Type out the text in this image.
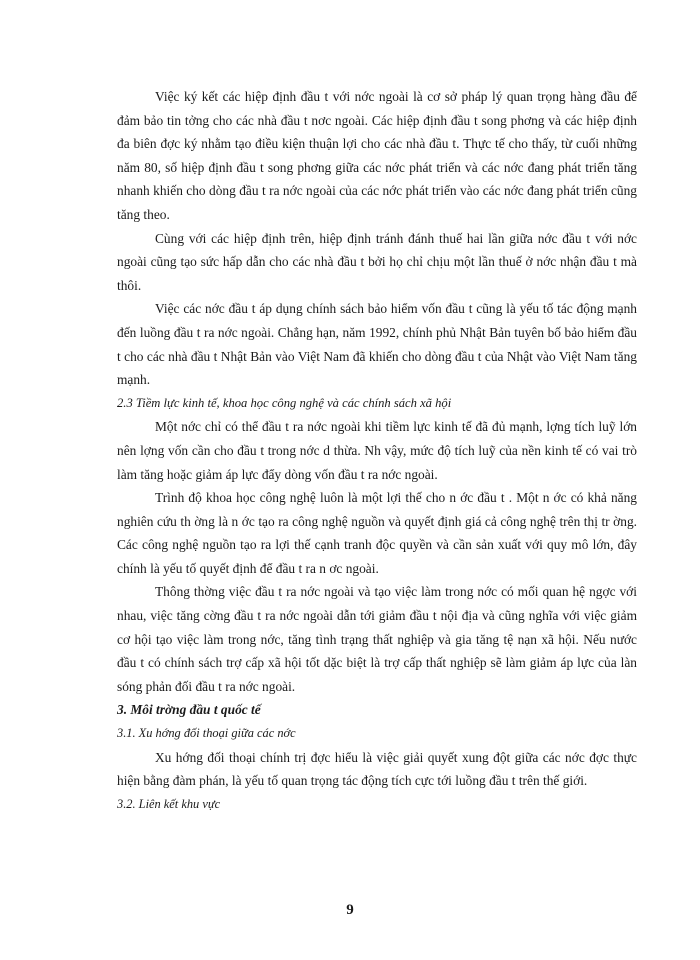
Việc ký kết các hiệp định đầu t với nớc ngoài là cơ sở pháp lý quan trọng hàng đầu để đảm bảo tin tởng cho các nhà đầu t nơc ngoài. Các hiệp định đầu t song phơng và các hiệp định đa biên đợc ký nhằm tạo điều kiện thuận lợi cho các nhà đầu t. Thực tế cho thấy, từ cuối những năm 80, số hiệp định đầu t song phơng giữa các nớc phát triển và các nớc đang phát triển tăng nhanh khiến cho dòng đầu t ra nớc ngoài của các nớc phát triển vào các nớc đang phát triển cũng tăng theo.

Cùng với các hiệp định trên, hiệp định tránh đánh thuế hai lần giữa nớc đầu t với nớc ngoài cũng tạo sức hấp dẫn cho các nhà đầu t bởi họ chỉ chịu một lần thuế ở nớc nhận đầu t mà thôi.

Việc các nớc đầu t áp dụng chính sách bảo hiểm vốn đầu t cũng là yếu tố tác động mạnh đến luồng đầu t ra nớc ngoài. Chẳng hạn, năm 1992, chính phủ Nhật Bản tuyên bố bảo hiểm đầu t cho các nhà đầu t Nhật Bản vào Việt Nam đã khiến cho dòng đầu t của Nhật vào Việt Nam tăng mạnh.

2.3 Tiềm lực kinh tế, khoa học công nghệ và các chính sách xã hội

Một nớc chỉ có thể đầu t ra nớc ngoài khi tiềm lực kinh tế đã đủ mạnh, lợng tích luỹ lớn nên lợng vốn cần cho đầu t trong nớc d thừa. Nh vậy, mức độ tích luỹ của nền kinh tế có vai trò làm tăng hoặc giảm áp lực đẩy dòng vốn đầu t ra nớc ngoài.

Trình độ khoa học công nghệ luôn là một lợi thế cho n ớc đầu t . Một n ớc có khả năng nghiên cứu th ờng là n ớc tạo ra công nghệ nguồn và quyết định giá cả công nghệ trên thị tr ờng. Các công nghệ nguồn tạo ra lợi thế cạnh tranh độc quyền và cần sản xuất với quy mô lớn, đây chính là yếu tố quyết định để đầu t ra n ơc ngoài.

Thông thờng việc đầu t ra nớc ngoài và tạo việc làm trong nớc có mối quan hệ ngợc với nhau, việc tăng cờng đầu t ra nớc ngoài dẫn tới giảm đầu t nội địa và cũng nghĩa với việc giảm cơ hội tạo việc làm trong nớc, tăng tình trạng thất nghiệp và gia tăng tệ nạn xã hội. Nếu nước đầu t có chính sách trợ cấp xã hội tốt dặc biệt là trợ cấp thất nghiệp sẽ làm giảm áp lực của làn sóng phản đối đầu t ra nớc ngoài.

3. Môi trờng đầu t quốc tế

3.1. Xu hớng đối thoại giữa các nớc

Xu hớng đối thoại chính trị đợc hiểu là việc giải quyết xung đột giữa các nớc đợc thực hiện bằng đàm phán, là yếu tố quan trọng tác động tích cực tới luồng đầu t trên thế giới.

3.2. Liên kết khu vực

9
